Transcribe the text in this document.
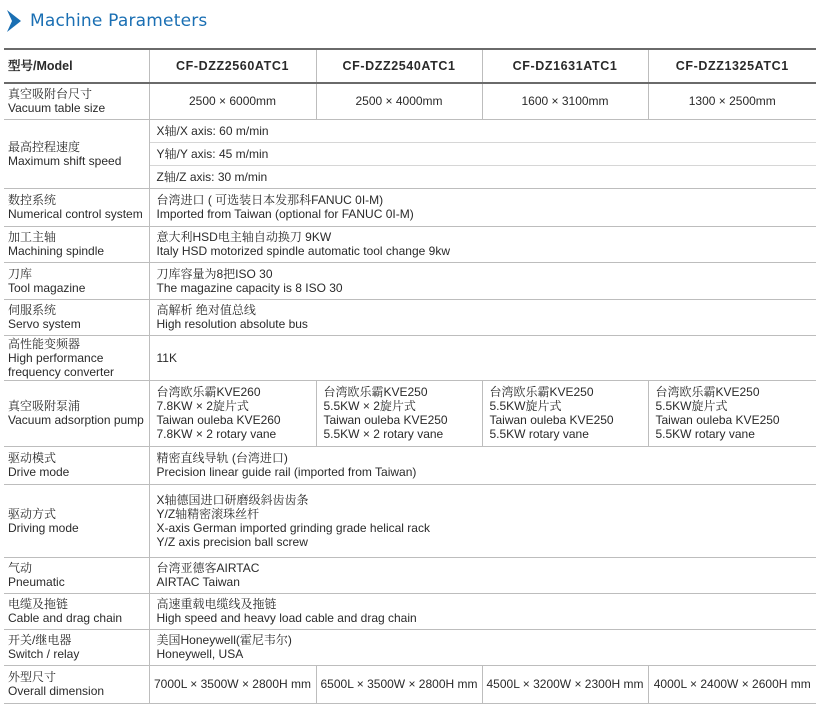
Machine Parameters
型号/Model	CF-DZZ2560ATC1	CF-DZZ2540ATC1	CF-DZ1631ATC1	CF-DZZ1325ATC1

真空吸附台尺寸
Vacuum table size	2500 × 6000mm	2500 × 4000mm	1600 × 3100mm	1300 × 2500mm

最高控程速度
Maximum shift speed	X轴/X axis: 60 m/min			
	Y轴/Y axis: 45 m/min			
	Z轴/Z axis: 30 m/min			

数控系统
Numerical control system	台湾进口 ( 可选装日本发那科FANUC 0I-M)
Imported from Taiwan (optional for FANUC 0I-M)			

加工主轴
Machining spindle	意大利HSD电主轴自动换刀 9KW
Italy HSD motorized spindle automatic tool change 9kw			

刀库
Tool magazine	刀库容量为8把ISO 30
The magazine capacity is 8 ISO 30			

伺服系统
Servo system	高解析 绝对值总线
High resolution absolute bus			

高性能变频器
High performance
frequency converter	11K			

真空吸附泵浦
Vacuum adsorption pump	台湾欧乐霸KVE260
7.8KW × 2旋片式
Taiwan ouleba KVE260
7.8KW × 2 rotary vane	台湾欧乐霸KVE250
5.5KW × 2旋片式
Taiwan ouleba KVE250
5.5KW × 2 rotary vane	台湾欧乐霸KVE250
5.5KW旋片式
Taiwan ouleba KVE250
5.5KW rotary vane	台湾欧乐霸KVE250
5.5KW旋片式
Taiwan ouleba KVE250
5.5KW rotary vane

驱动模式
Drive mode	精密直线导轨 (台湾进口)
Precision linear guide rail (imported from Taiwan)			

驱动方式
Driving mode	X轴德国进口研磨级斜齿齿条
Y/Z轴精密滚珠丝杆
X-axis German imported grinding grade helical rack
Y/Z axis precision ball screw			

气动
Pneumatic	台湾亚德客AIRTAC
AIRTAC Taiwan			

电缆及拖链
Cable and drag chain	高速重载电缆线及拖链
High speed and heavy load cable and drag chain			

开关/继电器
Switch / relay	美国Honeywell(霍尼韦尔)
Honeywell, USA			

外型尺寸
Overall dimension	7000L × 3500W × 2800H mm	6500L × 3500W × 2800H mm	4500L × 3200W × 2300H mm	4000L × 2400W × 2600H mm
